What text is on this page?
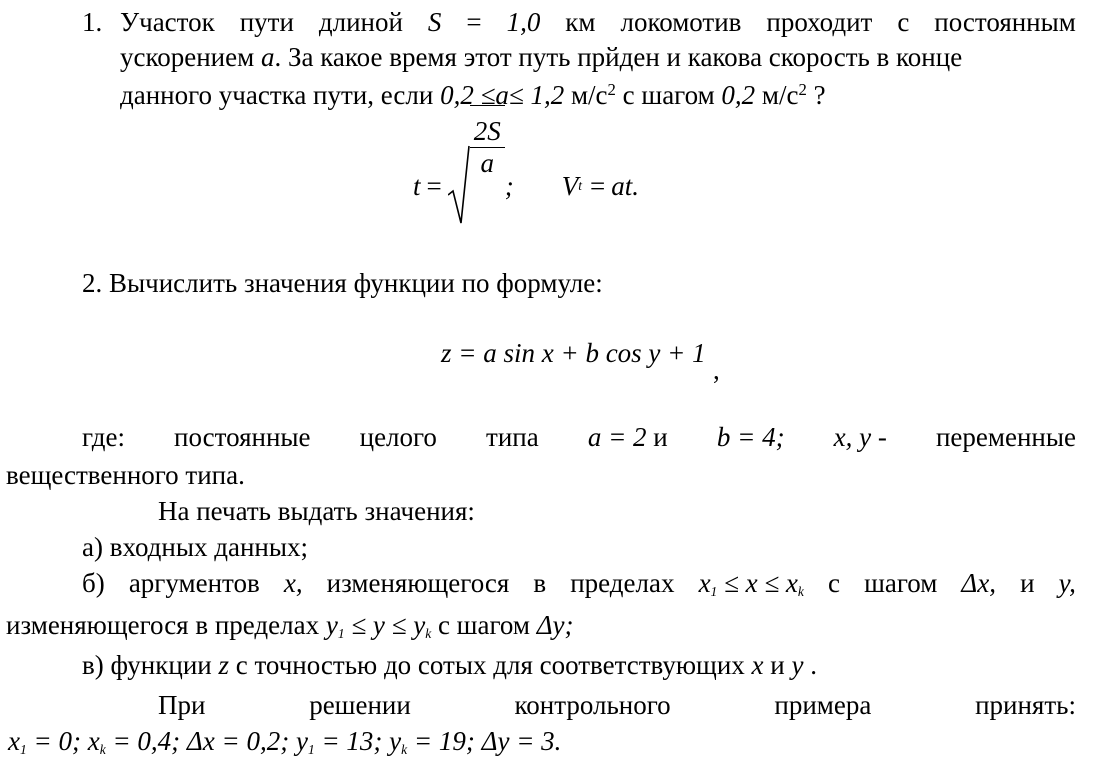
1. Участок пути длиной S = 1,0 км локомотив проходит с постоянным
ускорением a. За какое время этот путь прйден и какова скорость в конце
данного участка пути, если 0,2 ≤a≤ 1,2 $м/с^2$ с шагом 0,2 $м/с^2$ ?
t =
$\frac{2S}{a}$
; V t = at.
2. Вычислить значения функции по формуле:
z = a sin x + b cos y + 1
,
где: постоянные целого типа a = 2 и b = 4; x, y - переменные
вещественного типа.
На печать выдать значения:
а) входных данных;
б) аргументов x, изменяющегося в пределах $x_1 \le x \le x_k$ с шагом Δx, и y,
изменяющегося в пределах $y_1 \le y \le y_k$ с шагом Δy;
в) функции z с точностью до сотых для соответствующих x и y .
При	решении	контрольного	примера	принять:
$x_1 = 0$; $x_k = 0,4$; Δx = 0,2; $y_1 = 13$; $y_k = 19$; Δy = 3.
